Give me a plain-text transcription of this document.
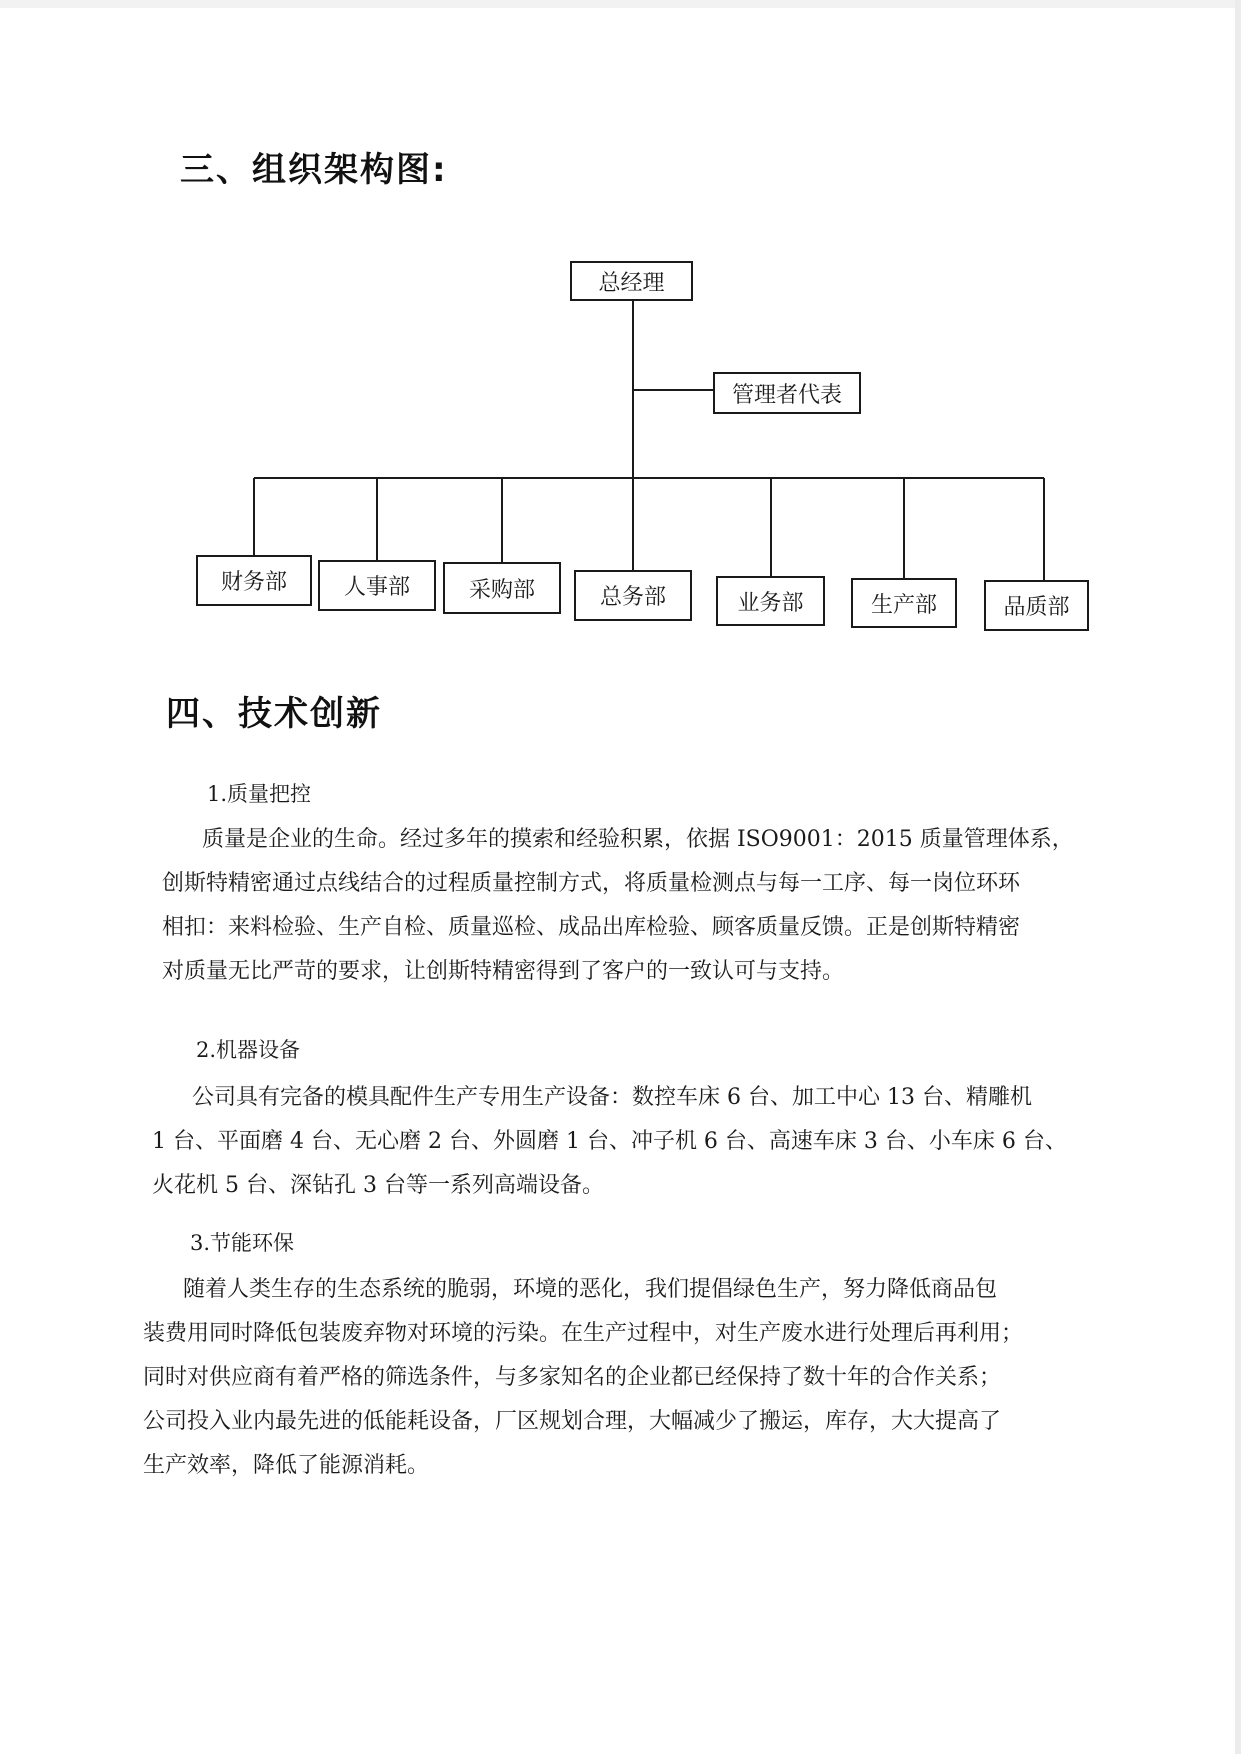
三、组织架构图:
总经理
管理者代表
财务部	人事部	采购部	总务部	业务部	生产部	品质部
四、技术创新

1.质量把控

质量是企业的生命。经过多年的摸索和经验积累，依据 ISO9001：2015 质量管理体系，
创斯特精密通过点线结合的过程质量控制方式，将质量检测点与每一工序、每一岗位环环
相扣：来料检验、生产自检、质量巡检、成品出库检验、顾客质量反馈。正是创斯特精密
对质量无比严苛的要求，让创斯特精密得到了客户的一致认可与支持。

2.机器设备

公司具有完备的模具配件生产专用生产设备：数控车床 6 台、加工中心 13 台、精雕机
1 台、平面磨 4 台、无心磨 2 台、外圆磨 1 台、冲子机 6 台、高速车床 3 台、小车床 6 台、
火花机 5 台、深钻孔 3 台等一系列高端设备。

3.节能环保

随着人类生存的生态系统的脆弱，环境的恶化，我们提倡绿色生产，努力降低商品包
装费用同时降低包装废弃物对环境的污染。在生产过程中，对生产废水进行处理后再利用；
同时对供应商有着严格的筛选条件，与多家知名的企业都已经保持了数十年的合作关系；
公司投入业内最先进的低能耗设备，厂区规划合理，大幅减少了搬运，库存，大大提高了
生产效率，降低了能源消耗。
